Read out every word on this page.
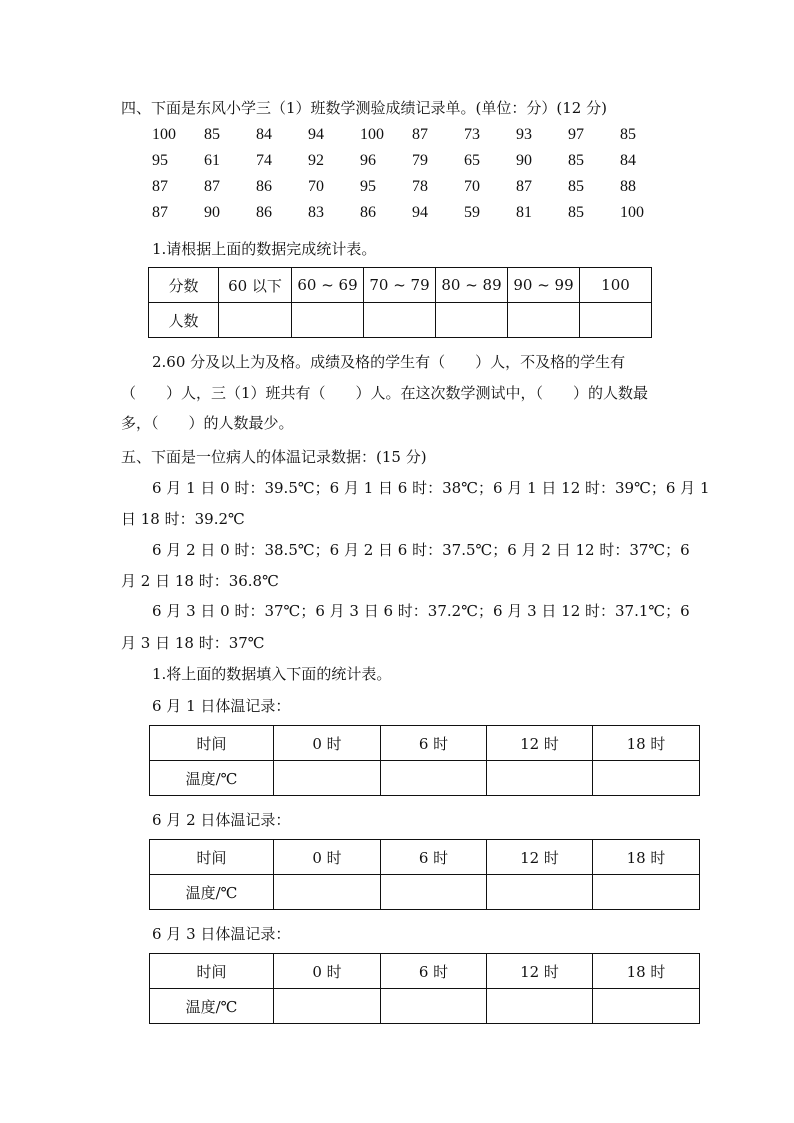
四、下面是东风小学三（1）班数学测验成绩记录单。(单位：分）(12 分)
100 85 84 94 100 87 73 93 97 85
95 61 74 92 96 79 65 90 85 84
87 87 86 70 95 78 70 87 85 88
87 90 86 83 86 94 59 81 85 100
1.请根据上面的数据完成统计表。
分数	60 以下	60 ~ 69	70 ~ 79	80 ~ 89	90 ~ 99	100
人数						
2.60 分及以上为及格。成绩及格的学生有（　　）人，不及格的学生有
（　　）人，三（1）班共有（　　）人。在这次数学测试中，（　　）的人数最
多，（　　）的人数最少。
五、下面是一位病人的体温记录数据：(15 分)
6 月 1 日 0 时：39.5℃；6 月 1 日 6 时：38℃；6 月 1 日 12 时：39℃；6 月 1
日 18 时：39.2℃
6 月 2 日 0 时：38.5℃；6 月 2 日 6 时：37.5℃；6 月 2 日 12 时：37℃；6
月 2 日 18 时：36.8℃
6 月 3 日 0 时：37℃；6 月 3 日 6 时：37.2℃；6 月 3 日 12 时：37.1℃；6
月 3 日 18 时：37℃
1.将上面的数据填入下面的统计表。
6 月 1 日体温记录：
时间	0 时	6 时	12 时	18 时
温度/℃				
6 月 2 日体温记录：
时间	0 时	6 时	12 时	18 时
温度/℃				
6 月 3 日体温记录：
时间	0 时	6 时	12 时	18 时
温度/℃				
